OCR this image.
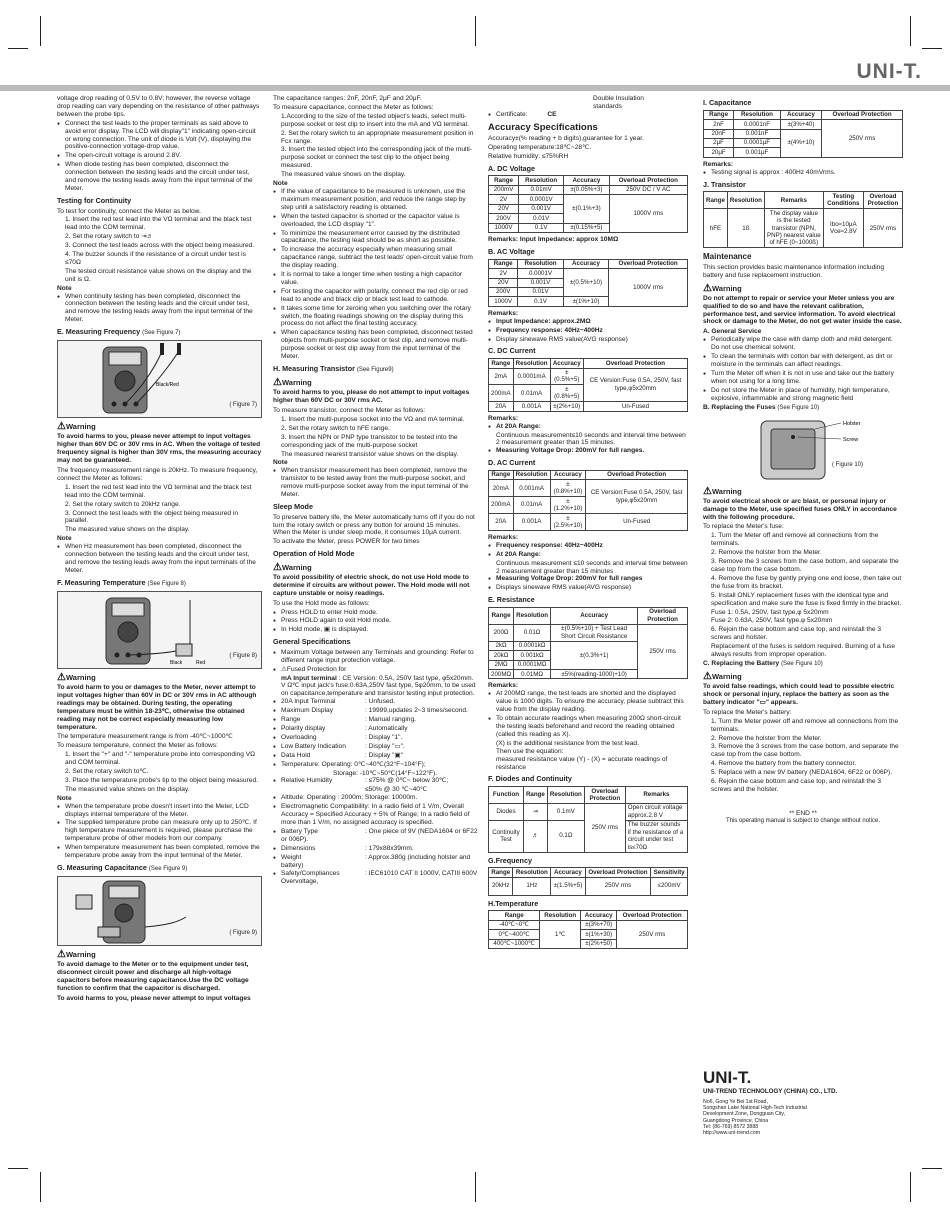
UNI-T.

voltage drop reading of 0.5V to 0.8V; however, the reverse voltage drop reading can vary depending on the resistance of other pathways between the probe tips.

● Connect the test leads to the proper terminals as said above to avoid error display. The LCD will display"1" indicating open-circuit or wrong connection. The unit of diode is Volt (V), displaying the positive-connection voltage-drop value.
● The open-circuit voltage is around 2.8V.
● When diode testing has been completed, disconnect the connection between the testing leads and the circuit under test, and remove the testing leads away from the input terminal of the Meter.
Testing for Continuity

To test for continuity, connect the Meter as below.

1. Insert the red test lead into the VΩ terminal and the black test lead into the COM terminal.
2. Set the rotary switch to ⇥♬
3. Connect the test leads across with the object being measured.
4. The buzzer sounds if the resistance of a circuit under test is ≤70Ω
The tested circuit resistance value shows on the display and the unit is Ω.
Note
● When continuity testing has been completed, disconnect the connection between the testing leads and the circuit under test, and remove the testing leads away from the input terminal of the Meter.
E. Measuring Frequency (See Figure 7)
Black/Red
( Figure 7)
⚠Warning
To avoid harms to you, please never attempt to input voltages higher than 60V DC or 30V rms in AC. When the voltage of tested frequency signal is higher than 30V rms, the measuring accuracy may not be guaranteed.

The frequency measurement range is 20kHz. To measure frequency, connect the Meter as follows:

1. Insert the red test lead into the VΩ terminal and the black test lead into the COM terminal.
2. Set the rotary switch to 20kHz range.
3. Connect the test leads with the object being measured in parallel.
The measured value shows on the display.
Note
● When Hz measurement has been completed, disconnect the connection between the testing leads and the circuit under test, and remove the testing leads away from the input terminals of the Meter.
F. Measuring Temperature (See Figure 8)
Black	Red
( Figure 8)
⚠Warning
To avoid harm to you or damages to the Meter, never attempt to input voltages higher than 60V in DC or 30V rms in AC although readings may be obtained. During testing, the operating temperature must be within 18-23℃, otherwise the obtained reading may not be correct especially measuring low temperature.

The temperature measurement range is from -40℃~1000℃

To measure temperature, connect the Meter as follows:

1. Insert the "+" and "-" temperature probe into corresponding VΩ and COM terminal.
2. Set the rotary switch to℃.
3. Place the temperature probe's tip to the object being measured.
The measured value shows on the display.
Note
● When the temperature probe doesn't insert into the Meter, LCD displays internal temperature of the Meter.
● The supplied temperature probe can measure only up to 250℃. If high temperature measurement is required, please purchase the temperature probe of other models from our company.
● When temperature measurement has been completed, remove the temperature probe away from the input terminal of the Meter.
G. Measuring Capacitance (See Figure 9)
( Figure 9)
⚠Warning
To avoid damage to the Meter or to the equipment under test, disconnect circuit power and discharge all high-voltage capacitors before measuring capacitance.Use the DC voltage function to confirm that the capacitor is discharged.
To avoid harms to you, please never attempt to input voltages

The capacitance ranges: 2nF, 20nF, 2μF and 20μF.

To measure capacitance, connect the Meter as follows:

1.According to the size of the tested object's leads, select multi-purpose socket or test clip to insert into the mA and VΩ terminal.
2. Set the rotary switch to an appropriate measurement position in Fcx range.
3. Insert the tested object into the corresponding jack of the multi-purpose socket or connect the test clip to the object being measured.
The measured value shows on the display.
Note
● If the value of capacitance to be measured is unknown, use the maximum measurement position, and reduce the range step by step until a satisfactory reading is obtained.
● When the tested capacitor is shorted or the capacitor value is overloaded, the LCD display "1".
● To minimize the measurement error caused by the distributed capacitance, the testing lead should be as short as possible.
● To increase the accuracy especially when measuring small capacitance range, subtract the test leads' open-circuit value from the display reading.
● It is normal to take a longer time when testing a high capacitor value.
● For testing the capacitor with polarity, connect the red clip or red lead to anode and black clip or black test lead to cathode.
● It takes some time for zeroing when you switching over the rotary switch, the floating readings showing on the display during this process do not affect the final testing accuracy.
● When capacitance testing has been completed, disconnect tested objects from multi-purpose socket or test clip, and remove multi-purpose socket or test clip away from the input terminal of the Meter.
H. Measuring Transistor (See Figure9)
⚠Warning
To avoid harms to you, please do not attempt to input voltages higher than 60V DC or 30V rms AC.

To measure transistor, connect the Meter as follows:

1. Insert the multi-purpose socket into the VΩ and mA terminal.
2. Set the rotary switch to hFE range.
3. Insert the NPN or PNP type transistor to be tested into the corresponding jack of the multi-purpose socket
The measured nearest transistor value shows on the display.
Note
● When transistor measurement has been completed, remove the transistor to be tested away from the multi-purpose socket, and remove multi-purpose socket away from the input terminal of the Meter.
Sleep Mode

To preserve battery life, the Meter automatically turns off if you do not turn the rotary switch or press any button for around 15 minutes. When the Meter is under sleep mode, it consumes 10μA current.

To activate the Meter, press POWER for two times

Operation of Hold Mode
⚠Warning
To avoid possibility of electric shock, do not use Hold mode to determine if circuits are without power. The Hold mode will not capture unstable or noisy readings.

To use the Hold mode as follows:

● Press HOLD to enter Hold mode.
● Press HOLD again to exit Hold mode.
● In Hold mode, ▣ is displayed.
General Specifications
● Maximum Voltage between any Terminals and grounding: Refer to different range input protection voltage.
● ⚠Fused Protection for
mA Input terminal : CE Version: 0.5A, 250V fast type, φ5x20mm.
V Ω℃ input jack's fuse:0.63A,250V fast type, 5φ20mm, to be used on capacitance,temperature and transistor testing input protection.
● 20A Input Terminal	: Unfused.
● Maximum Display	: 19999,updates 2~3 times/second.
● Range	: Manual ranging.
● Polarity display	: Automatically
● Overloading	: Display "1".
● Low Battery Indication	: Display "▭".
● Data Hold	: Display "▣"
● Temperature: Operating: 0℃~40℃(32°F~104°F);
Storage: -10℃~50℃(14°F~122°F).
● Relative Humidity	: ≤75% @ 0℃~ below 30℃;
≤50% @ 30 ℃~40℃
● Altitude: Operating : 2000m; Storage: 10000m.
● Electromagnetic Compatibility: In a radio field of 1 V/m, Overall Accuracy = Specified Accuracy + 5% of Range; In a radio field of more than 1 V/m, no assigned accuracy is specified.
● Battery Type	: One piece of 9V (NEDA1604 or 6F22 or 006P).
● Dimensions	: 179x88x39mm.
● Weight	: Approx.380g (including holster and battery)
● Safety/Compliances	: IEC61010 CAT II 1000V, CATIII 600V Overvoltage,
Double Insulation standards
● Certificate:	CE
Accuracy Specifications

Accuracy±(% reading + b digits),guarantee for 1 year.

Operating temperature:18℃~28℃.

Relative humidity: ≤75%RH

A. DC Voltage
Range	Resolution	Accuracy	Overload Protection
200mV	0.01mV	±(0.05%+3)	250V DC / V AC
2V	0.0001V	±(0.1%+3)	1000V rms
20V	0.001V		
200V	0.01V		
1000V	0.1V	±(0.15%+5)	
Remarks: Input Impedance: approx 10MΩ
B. AC Voltage
Range	Resolution	Accuracy	Overload Protection
2V	0.0001V	±(0.5%+10)	1000V rms
20V	0.001V		
200V	0.01V		
1000V	0.1V	±(1%+10)	
Remarks:
● Input Impedance: approx.2MΩ
● Frequency response: 40Hz~400Hz
● Display sinewave RMS value(AVG response)
C. DC Current
Range	Resolution	Accuracy	Overload Protection
2mA	0.0001mA	±(0.5%+5)	CE Version:Fuse 0.5A, 250V, fast type,φ5x20mm
200mA	0.01mA	±(0.8%+5)	
20A	0.001A	±(2%+10)	Un-Fused
Remarks:
● At 20A Range:
Continuous measurement≤10 seconds and interval time between 2 measurement greater than 15 minutes.
● Measuring Voltage Drop: 200mV for full ranges.
D. AC Current
Range	Resolution	Accuracy	Overload Protection
20mA	0.001mA	±(0.8%+10)	CE Version:Fuse 0.5A, 250V, fast type,φ5x20mm
200mA	0.01mA	±(1.2%+10)	
20A	0.001A	±(2.5%+10)	Un-Fused
Remarks:
● Frequency response: 40Hz~400Hz
● At 20A Range:
Continuous measurement ≤10 seconds and interval time between 2 measurement greater than 15 minutes
● Measuring Voltage Drop: 200mV for full ranges
● Displays sinewave RMS value(AVG response)
E. Resistance
Range	Resolution	Accuracy	Overload Protection
200Ω	0.01Ω	±(0.5%+10) + Test Lead Short Circuit Resistance	250V rms
2kΩ	0.0001kΩ	±(0.3%+1)	
20kΩ	0.001kΩ		
2MΩ	0.0001MΩ		
200MΩ	0.01MΩ	±5%(reading-1000)+10)	
Remarks:
● At 200MΩ range, the test leads are shorted and the displayed value is 1000 digits. To ensure the accuracy, please subtract this value from the display reading.
● To obtain accurate readings when measuring 200Ω short-circuit the testing leads beforehand and record the reading obtained (called this reading as X).
(X) is the additional resistance from the test lead.
Then use the equation:
measured resistance value (Y) - (X) = accurate readings of resistance
F. Diodes and Continuity
Function	Range	Resolution	Overload Protection	Remarks
Diodes	⇥	0.1mV	250V rms	Open circuit voltage approx.2.8 V
Continuity Test	♬	0.1Ω		The buzzer sounds if the resistance of a circuit under test is≤70Ω
G.Frequency
Range	Resolution	Accuracy	Overload Protection	Sensitivity
20kHz	1Hz	±(1.5%+5)	250V rms	≤200mV
H.Temperature
Range	Resolution	Accuracy	Overload Protection
-40℃~0℃	1℃	±(3%+70)	250V rms
0℃~400℃		±(1%+30)	
400℃~1000℃		±(2%+50)	
I. Capacitance
Range	Resolution	Accuracy	Overload Protection
2nF	0.0001nF	±(3%+40)	250V rms
20nF	0.001nF	±(4%+10)	
2μF	0.0001μF		
20μF	0.001μF		
Remarks:
● Testing signal is approx : 400Hz 40mVrms.
J. Transistor
Range	Resolution	Remarks	Testing Conditions	Overload Protection
hFE	1ß	The display value is the tested transistor (NPN, PNP) nearest value of hFE (0~1000ß)	Ibo≈10μA Vce≈2.8V	250V rms
Maintenance

This section provides basic maintenance information including battery and fuse replacement instruction.

⚠Warning
Do not attempt to repair or service your Meter unless you are qualified to do so and have the relevant calibration, performance test, and service information. To avoid electrical shock or damage to the Meter, do not get water inside the case.
A. General Service
● Periodically wipe the case with damp cloth and mild detergent. Do not use chemical solvent.
● To clean the terminals with cotton bar with detergent, as dirt or moisture in the terminals can affect readings.
● Turn the Meter off when it is not in use and take out the battery when not using for a long time.
● Do not store the Meter in place of humidity, high temperature, explosive, inflammable and strong magnetic field
B. Replacing the Fuses (See Figure 10)
Holster
Screw
( Figure 10)
⚠Warning
To avoid electrical shock or arc blast, or personal injury or damage to the Meter, use specified fuses ONLY in accordance with the following procedure.

To replace the Meter's fuse:

1. Turn the Meter off and remove all connections from the terminals.
2. Remove the holster from the Meter.
3. Remove the 3 screws from the case bottom, and separate the case top from the case bottom.
4. Remove the fuse by gently prying one end loose, then take out the fuse from its bracket.
5. Install ONLY replacement fuses with the identical type and specification and make sure the fuse is fixed firmly in the bracket.
Fuse 1: 0.5A, 250V, fast type,φ 5x20mm
Fuse 2: 0.63A, 250V, fast type,φ 5x20mm
6. Rejoin the case bottom and case top, and reinstall the 3 screws and holster.
Replacement of the fuses is seldom required. Burning of a fuse always results from improper operation.
C. Replacing the Battery (See Figure 10)
⚠Warning
To avoid false readings, which could lead to possible electric shock or personal injury, replace the battery as soon as the battery indicator "▭" appears.

To replace the Meter's battery:

1. Turn the Meter power off and remove all connections from the terminals.
2. Remove the holster from the Meter.
3. Remove the 3 screws from the case bottom, and separate the case top from the case bottom.
4. Remove the battery from the battery connector.
5. Replace with a new 9V battery (NEDA1604, 6F22 or 006P).
6. Rejoin the case bottom and case top, and reinstall the 3 screws and the holster.
** END **
This operating manual is subject to change without notice.
UNI-T.
UNI-TREND TECHNOLOGY (CHINA) CO., LTD.
No6, Gong Ye Bei 1st Road,
Songshan Lake National High-Tech Industrial
Development Zone, Dongguan City,
Guangdong Province, China
Tel: (86-769) 8572 3888
http://www.uni-trend.com
